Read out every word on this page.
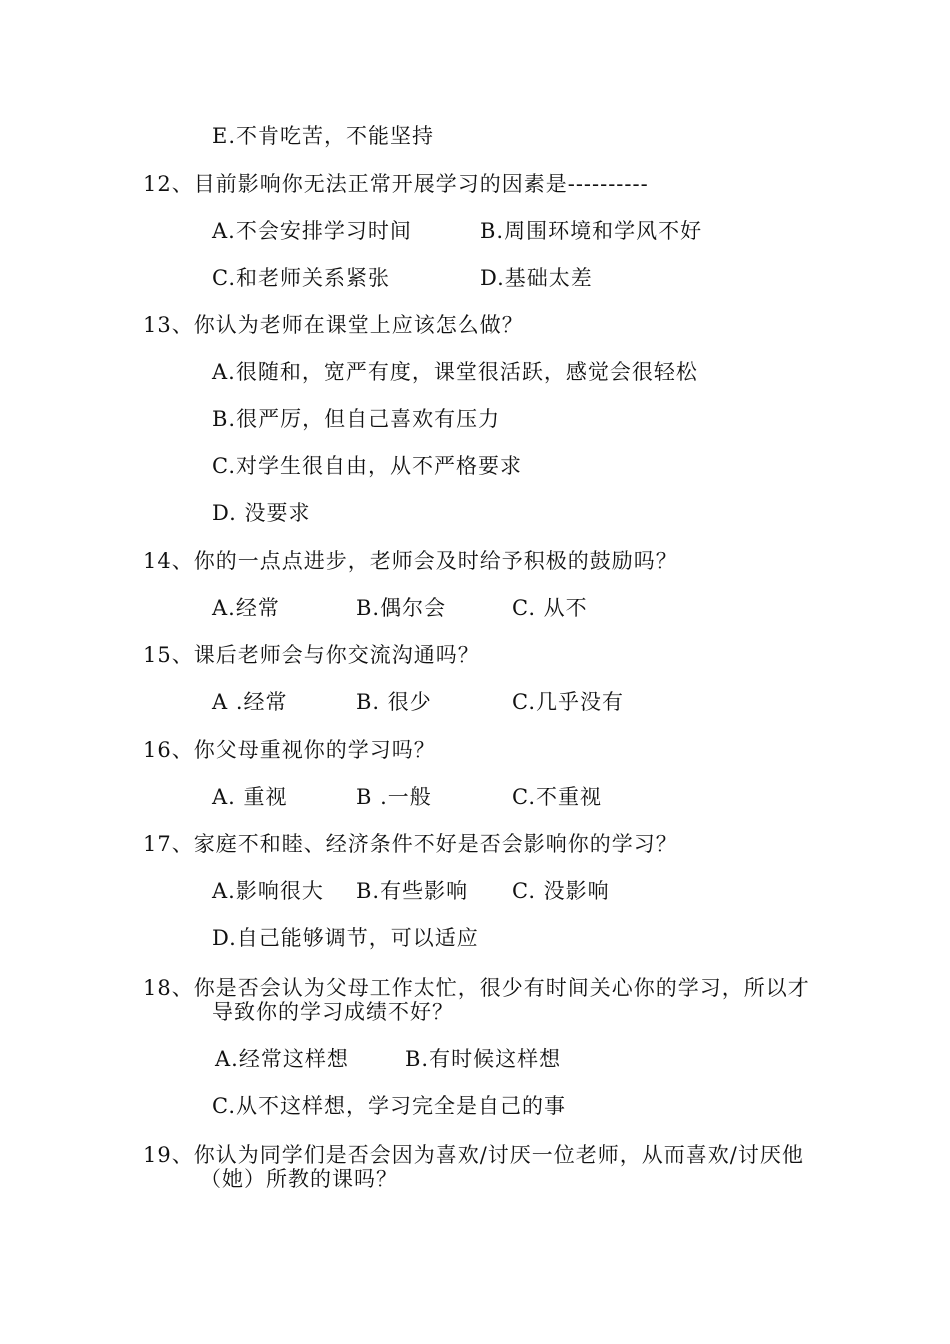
E.不肯吃苦，不能坚持
12、目前影响你无法正常开展学习的因素是----------
A.不会安排学习时间	B.周围环境和学风不好
C.和老师关系紧张	D.基础太差
13、你认为老师在课堂上应该怎么做？
A.很随和，宽严有度，课堂很活跃，感觉会很轻松
B.很严厉，但自己喜欢有压力
C.对学生很自由，从不严格要求
D. 没要求
14、你的一点点进步，老师会及时给予积极的鼓励吗？
A.经常	B.偶尔会	C. 从不
15、课后老师会与你交流沟通吗？
A .经常	B. 很少	C.几乎没有
16、你父母重视你的学习吗？
A. 重视	B .一般	C.不重视
17、家庭不和睦、经济条件不好是否会影响你的学习？
A.影响很大 B.有些影响 C. 没影响
D.自己能够调节，可以适应
18、你是否会认为父母工作太忙，很少有时间关心你的学习，所以才
导致你的学习成绩不好？
A.经常这样想	B.有时候这样想
C.从不这样想，学习完全是自己的事
19、你认为同学们是否会因为喜欢/讨厌一位老师，从而喜欢/讨厌他
（她）所教的课吗？
